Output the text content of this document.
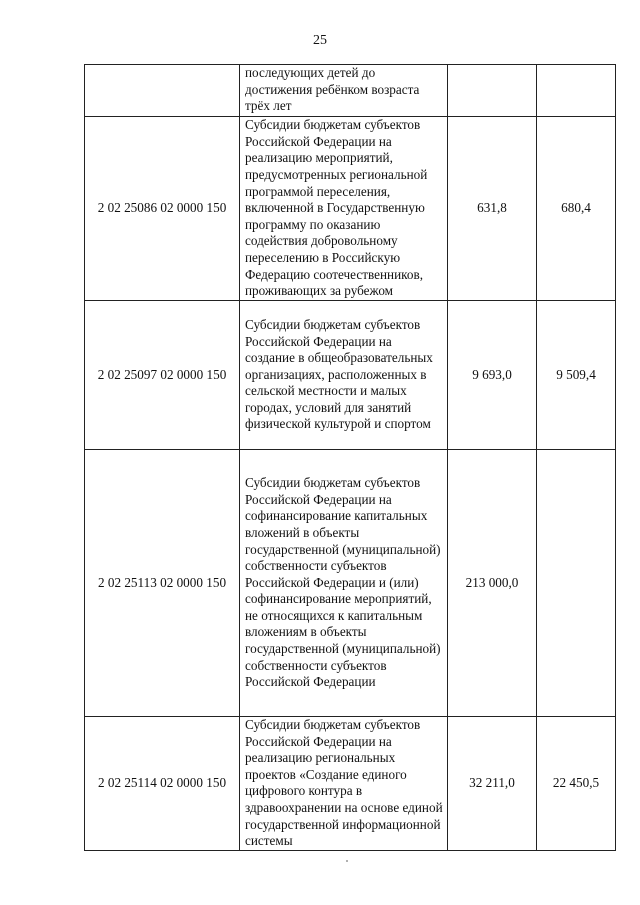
25
	последующих детей до достижения ребёнком возраста трёх лет		
2 02 25086 02 0000 150	Субсидии бюджетам субъектов Российской Федерации на реализацию мероприятий, предусмотренных региональной программой переселения, включенной в Государственную программу по оказанию содействия добровольному переселению в Российскую Федерацию соотечественников, проживающих за рубежом	631,8	680,4
2 02 25097 02 0000 150	Субсидии бюджетам субъектов Российской Федерации на создание в общеобразовательных организациях, расположенных в сельской местности и малых городах, условий для занятий физической культурой и спортом	9 693,0	9 509,4
2 02 25113 02 0000 150	Субсидии бюджетам субъектов Российской Федерации на софинансирование капитальных вложений в объекты государственной (муниципальной) собственности субъектов Российской Федерации и (или) софинансирование мероприятий, не относящихся к капитальным вложениям в объекты государственной (муниципальной) собственности субъектов Российской Федерации	213 000,0	
2 02 25114 02 0000 150	Субсидии бюджетам субъектов Российской Федерации на реализацию региональных проектов «Создание единого цифрового контура в здравоохранении на основе единой государственной информационной системы	32 211,0	22 450,5
